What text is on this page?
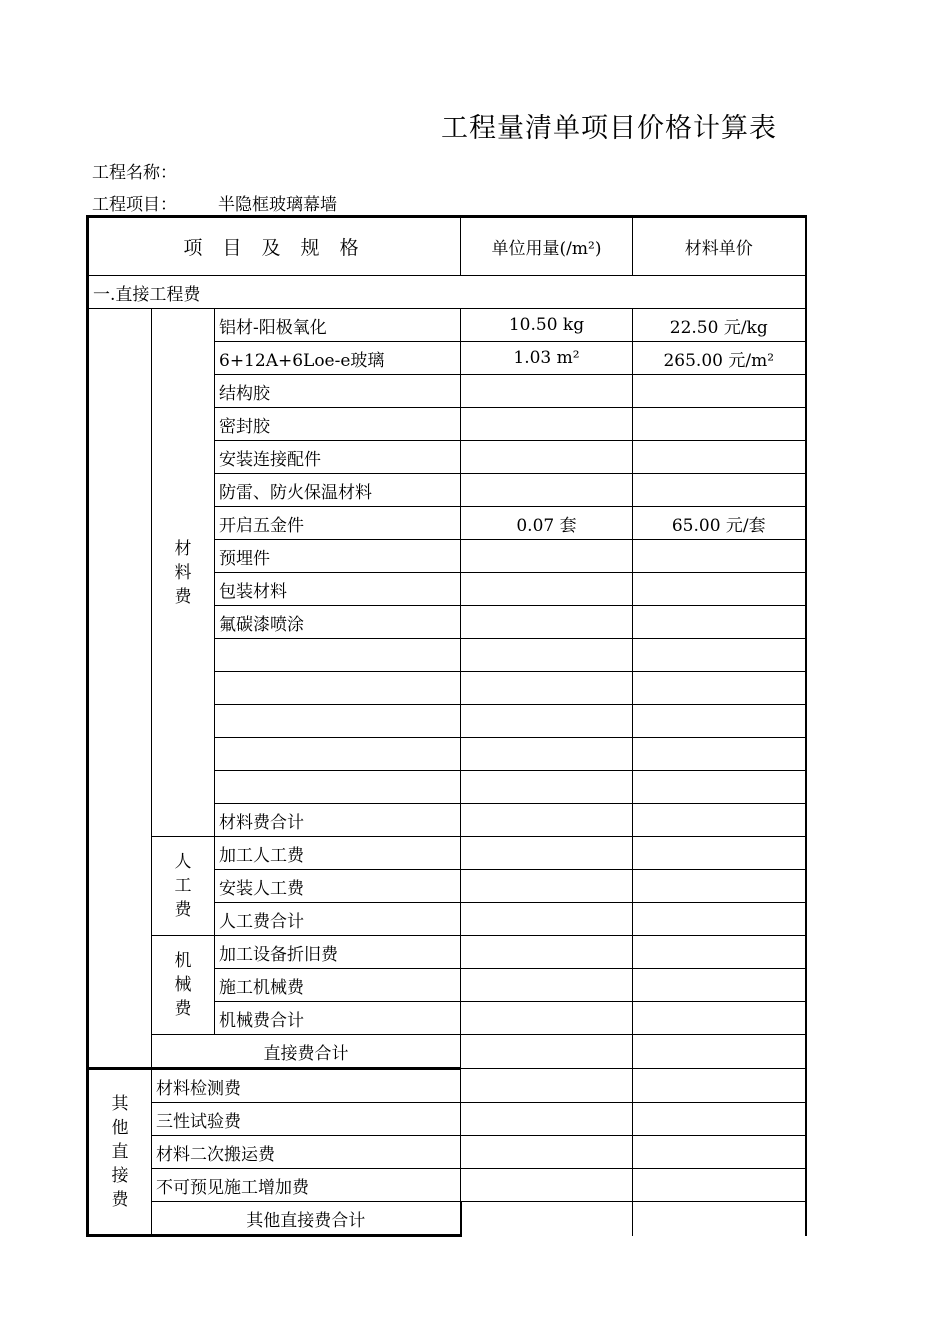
工程量清单项目价格计算表
工程名称：
工程项目： 半隐框玻璃幕墙
项 目 及 规 格			单位用量(/m²)	材料单价
一.直接工程费				
	材料费	铝材-阳极氧化	10.50 kg	22.50 元/kg
		6+12A+6Loe-e玻璃	1.03 m²	265.00 元/m²
		结构胶		
		密封胶		
		安装连接配件		
		防雷、防火保温材料		
		开启五金件	0.07 套	65.00 元/套
		预埋件		
		包装材料		
		氟碳漆喷涂		

		材料费合计		
	人工费	加工人工费		
		安装人工费		
		人工费合计		
	机械费	加工设备折旧费		
		施工机械费		
		机械费合计		
	直接费合计			
其他直接费	材料检测费			
	三性试验费			
	材料二次搬运费			
	不可预见施工增加费			
	其他直接费合计			
